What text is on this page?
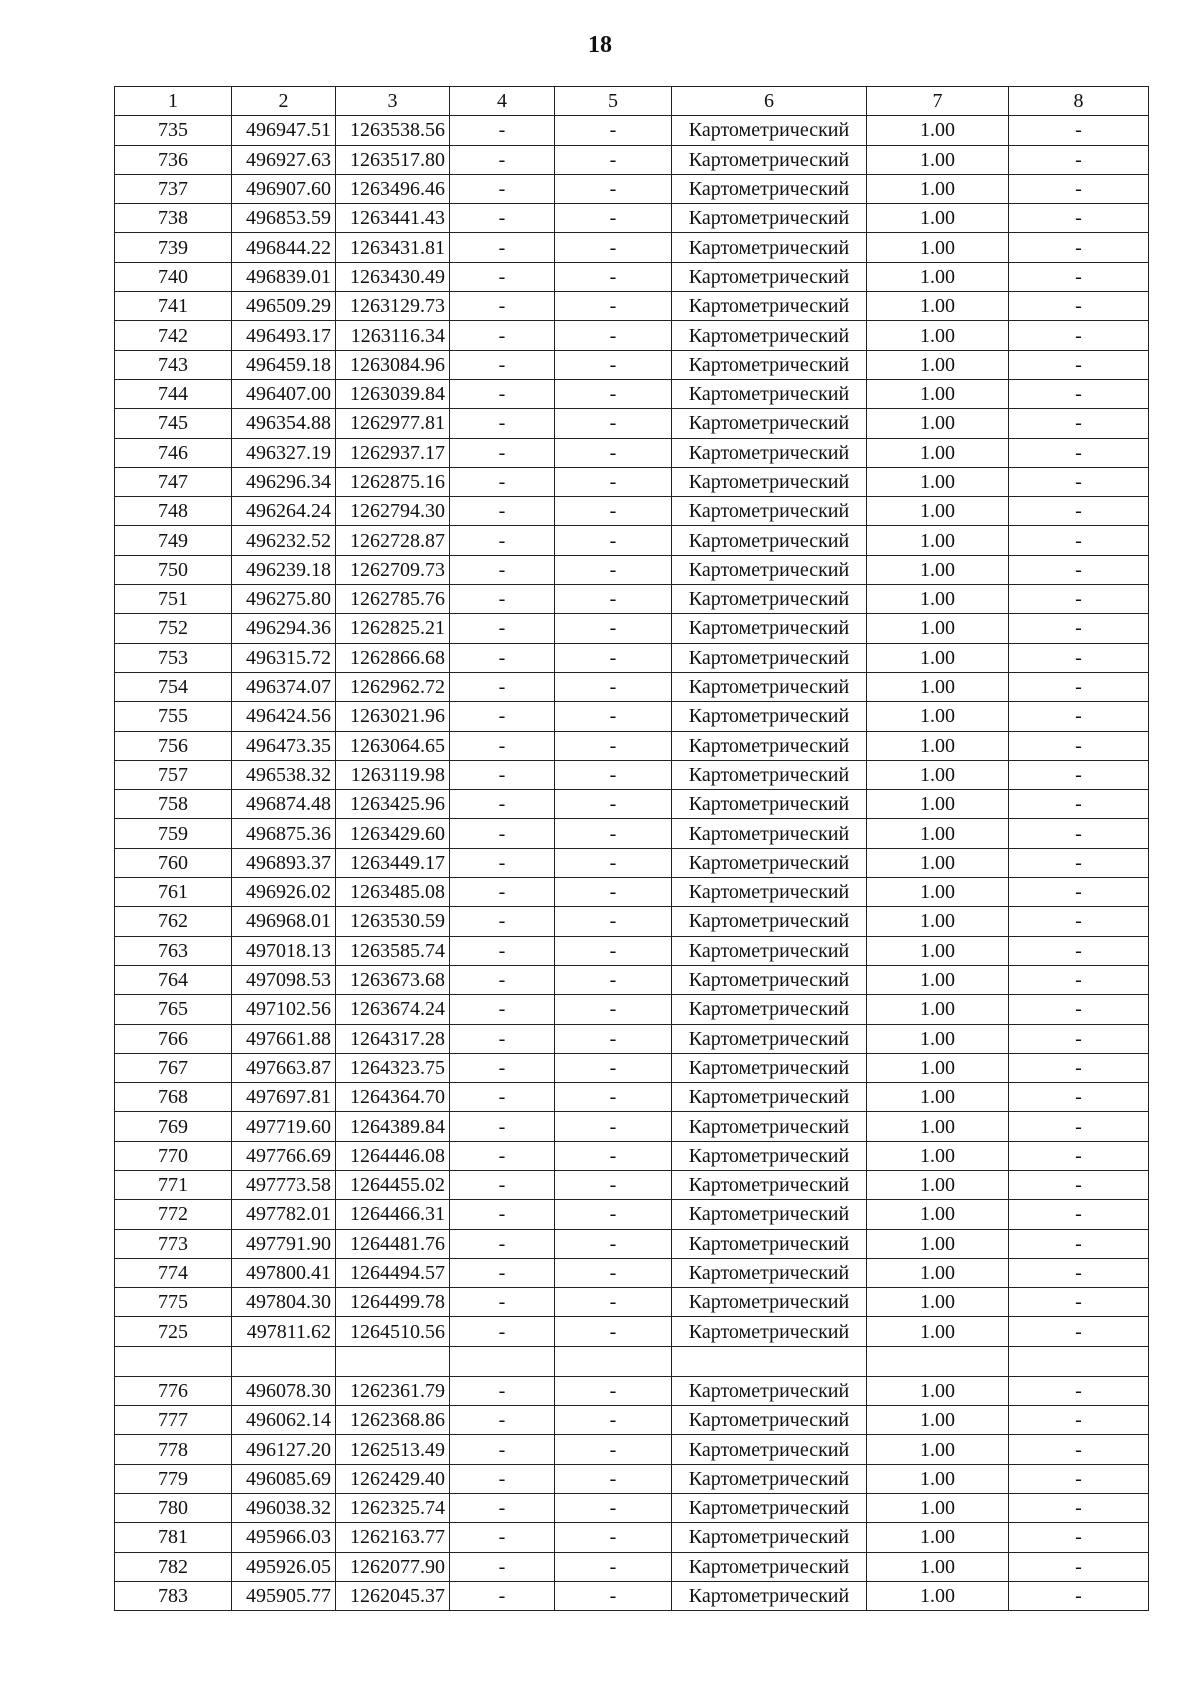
18
1	2	3	4	5	6	7	8
735	496947.51	1263538.56	-	-	Картометрический	1.00	-
736	496927.63	1263517.80	-	-	Картометрический	1.00	-
737	496907.60	1263496.46	-	-	Картометрический	1.00	-
738	496853.59	1263441.43	-	-	Картометрический	1.00	-
739	496844.22	1263431.81	-	-	Картометрический	1.00	-
740	496839.01	1263430.49	-	-	Картометрический	1.00	-
741	496509.29	1263129.73	-	-	Картометрический	1.00	-
742	496493.17	1263116.34	-	-	Картометрический	1.00	-
743	496459.18	1263084.96	-	-	Картометрический	1.00	-
744	496407.00	1263039.84	-	-	Картометрический	1.00	-
745	496354.88	1262977.81	-	-	Картометрический	1.00	-
746	496327.19	1262937.17	-	-	Картометрический	1.00	-
747	496296.34	1262875.16	-	-	Картометрический	1.00	-
748	496264.24	1262794.30	-	-	Картометрический	1.00	-
749	496232.52	1262728.87	-	-	Картометрический	1.00	-
750	496239.18	1262709.73	-	-	Картометрический	1.00	-
751	496275.80	1262785.76	-	-	Картометрический	1.00	-
752	496294.36	1262825.21	-	-	Картометрический	1.00	-
753	496315.72	1262866.68	-	-	Картометрический	1.00	-
754	496374.07	1262962.72	-	-	Картометрический	1.00	-
755	496424.56	1263021.96	-	-	Картометрический	1.00	-
756	496473.35	1263064.65	-	-	Картометрический	1.00	-
757	496538.32	1263119.98	-	-	Картометрический	1.00	-
758	496874.48	1263425.96	-	-	Картометрический	1.00	-
759	496875.36	1263429.60	-	-	Картометрический	1.00	-
760	496893.37	1263449.17	-	-	Картометрический	1.00	-
761	496926.02	1263485.08	-	-	Картометрический	1.00	-
762	496968.01	1263530.59	-	-	Картометрический	1.00	-
763	497018.13	1263585.74	-	-	Картометрический	1.00	-
764	497098.53	1263673.68	-	-	Картометрический	1.00	-
765	497102.56	1263674.24	-	-	Картометрический	1.00	-
766	497661.88	1264317.28	-	-	Картометрический	1.00	-
767	497663.87	1264323.75	-	-	Картометрический	1.00	-
768	497697.81	1264364.70	-	-	Картометрический	1.00	-
769	497719.60	1264389.84	-	-	Картометрический	1.00	-
770	497766.69	1264446.08	-	-	Картометрический	1.00	-
771	497773.58	1264455.02	-	-	Картометрический	1.00	-
772	497782.01	1264466.31	-	-	Картометрический	1.00	-
773	497791.90	1264481.76	-	-	Картометрический	1.00	-
774	497800.41	1264494.57	-	-	Картометрический	1.00	-
775	497804.30	1264499.78	-	-	Картометрический	1.00	-
725	497811.62	1264510.56	-	-	Картометрический	1.00	-

776	496078.30	1262361.79	-	-	Картометрический	1.00	-
777	496062.14	1262368.86	-	-	Картометрический	1.00	-
778	496127.20	1262513.49	-	-	Картометрический	1.00	-
779	496085.69	1262429.40	-	-	Картометрический	1.00	-
780	496038.32	1262325.74	-	-	Картометрический	1.00	-
781	495966.03	1262163.77	-	-	Картометрический	1.00	-
782	495926.05	1262077.90	-	-	Картометрический	1.00	-
783	495905.77	1262045.37	-	-	Картометрический	1.00	-
